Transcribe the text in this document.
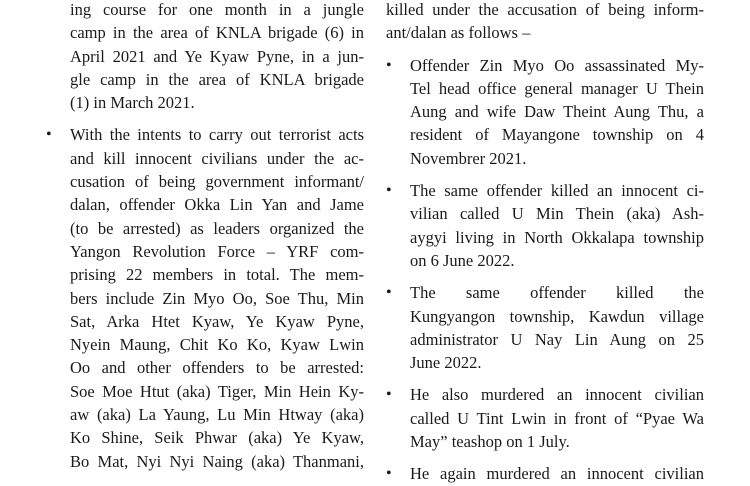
ing course for one month in a jungle
camp in the area of KNLA brigade (6) in
April 2021 and Ye Kyaw Pyne, in a jun-
gle camp in the area of KNLA brigade
(1) in March 2021.
•	With the intents to carry out terrorist acts
and kill innocent civilians under the ac-
cusation of being government informant/
dalan, offender Okka Lin Yan and Jame
(to be arrested) as leaders organized the
Yangon Revolution Force – YRF com-
prising 22 members in total. The mem-
bers include Zin Myo Oo, Soe Thu, Min
Sat, Arka Htet Kyaw, Ye Kyaw Pyne,
Nyein Maung, Chit Ko Ko, Kyaw Lwin
Oo and other offenders to be arrested:
Soe Moe Htut (aka) Tiger, Min Hein Ky-
aw (aka) La Yaung, Lu Min Htway (aka)
Ko Shine, Seik Phwar (aka) Ye Kyaw,
Bo Mat, Nyi Nyi Naing (aka) Thanmani,
killed under the accusation of being inform-
ant/dalan as follows –
•	Offender Zin Myo Oo assassinated My-
Tel head office general manager U Thein
Aung and wife Daw Theint Aung Thu, a
resident of Mayangone township on 4
Novembrer 2021.
•	The same offender killed an innocent ci-
vilian called U Min Thein (aka) Ash-
aygyi living in North Okkalapa township
on 6 June 2022.
•	The same offender killed the
Kungyangon township, Kawdun village
administrator U Nay Lin Aung on 25
June 2022.
•	He also murdered an innocent civilian
called U Tint Lwin in front of “Pyae Wa
May” teashop on 1 July.
•	He again murdered an innocent civilian
